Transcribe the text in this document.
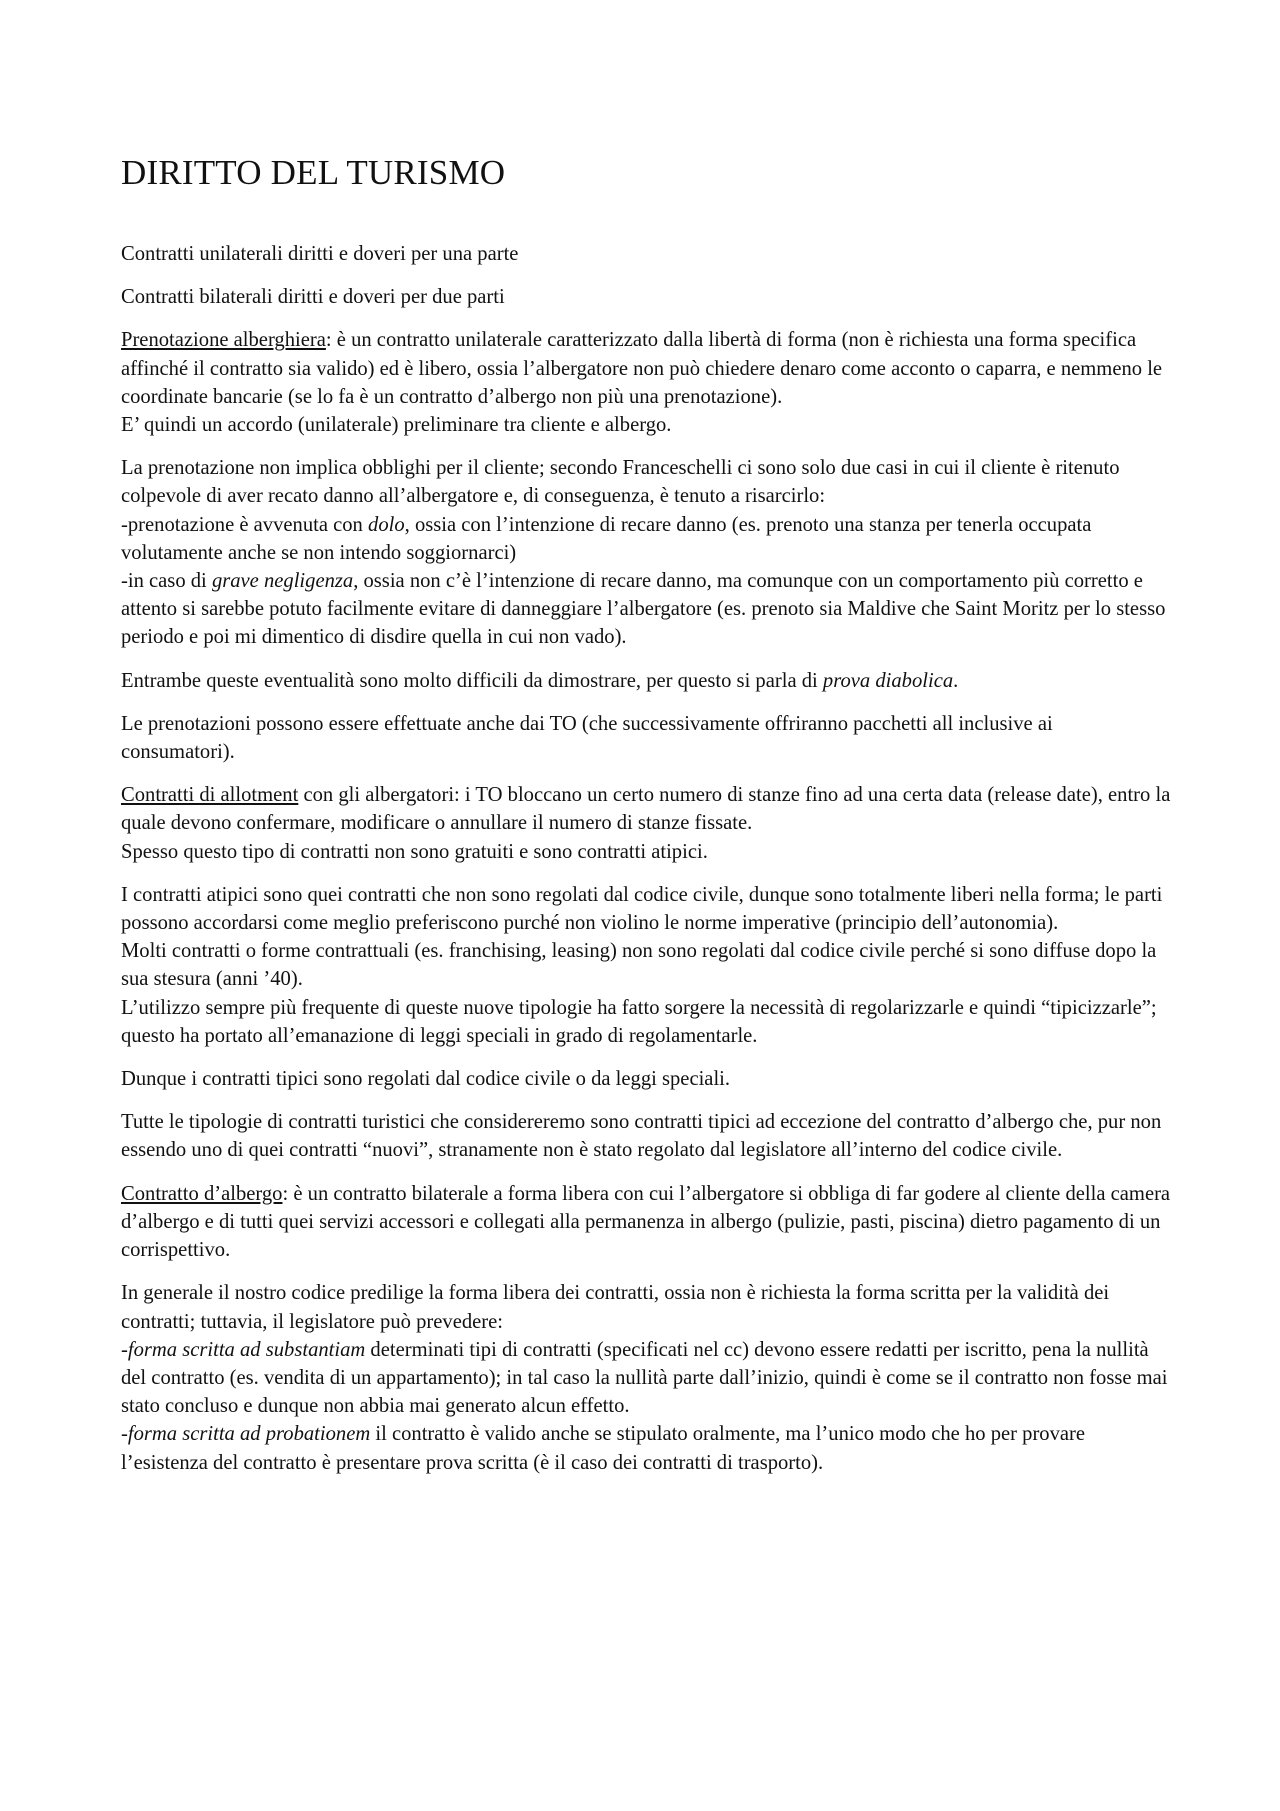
DIRITTO DEL TURISMO

Contratti unilaterali diritti e doveri per una parte

Contratti bilaterali diritti e doveri per due parti

Prenotazione alberghiera: è un contratto unilaterale caratterizzato dalla libertà di forma (non è richiesta una forma specifica affinché il contratto sia valido) ed è libero, ossia l’albergatore non può chiedere denaro come acconto o caparra, e nemmeno le coordinate bancarie (se lo fa è un contratto d’albergo non più una prenotazione).
E’ quindi un accordo (unilaterale) preliminare tra cliente e albergo.

La prenotazione non implica obblighi per il cliente; secondo Franceschelli ci sono solo due casi in cui il cliente è ritenuto colpevole di aver recato danno all’albergatore e, di conseguenza, è tenuto a risarcirlo:
-prenotazione è avvenuta con dolo, ossia con l’intenzione di recare danno (es. prenoto una stanza per tenerla occupata volutamente anche se non intendo soggiornarci)
-in caso di grave negligenza, ossia non c’è l’intenzione di recare danno, ma comunque con un comportamento più corretto e attento si sarebbe potuto facilmente evitare di danneggiare l’albergatore (es. prenoto sia Maldive che Saint Moritz per lo stesso periodo e poi mi dimentico di disdire quella in cui non vado).

Entrambe queste eventualità sono molto difficili da dimostrare, per questo si parla di prova diabolica.

Le prenotazioni possono essere effettuate anche dai TO (che successivamente offriranno pacchetti all inclusive ai consumatori).

Contratti di allotment con gli albergatori: i TO bloccano un certo numero di stanze fino ad una certa data (release date), entro la quale devono confermare, modificare o annullare il numero di stanze fissate.
Spesso questo tipo di contratti non sono gratuiti e sono contratti atipici.

I contratti atipici sono quei contratti che non sono regolati dal codice civile, dunque sono totalmente liberi nella forma; le parti possono accordarsi come meglio preferiscono purché non violino le norme imperative (principio dell’autonomia).
Molti contratti o forme contrattuali (es. franchising, leasing) non sono regolati dal codice civile perché si sono diffuse dopo la sua stesura (anni ’40).
L’utilizzo sempre più frequente di queste nuove tipologie ha fatto sorgere la necessità di regolarizzarle e quindi “tipicizzarle”; questo ha portato all’emanazione di leggi speciali in grado di regolamentarle.

Dunque i contratti tipici sono regolati dal codice civile o da leggi speciali.

Tutte le tipologie di contratti turistici che considereremo sono contratti tipici ad eccezione del contratto d’albergo che, pur non essendo uno di quei contratti “nuovi”, stranamente non è stato regolato dal legislatore all’interno del codice civile.

Contratto d’albergo: è un contratto bilaterale a forma libera con cui l’albergatore si obbliga di far godere al cliente della camera d’albergo e di tutti quei servizi accessori e collegati alla permanenza in albergo (pulizie, pasti, piscina) dietro pagamento di un corrispettivo.

In generale il nostro codice predilige la forma libera dei contratti, ossia non è richiesta la forma scritta per la validità dei contratti; tuttavia, il legislatore può prevedere:
-forma scritta ad substantiam determinati tipi di contratti (specificati nel cc) devono essere redatti per iscritto, pena la nullità del contratto (es. vendita di un appartamento); in tal caso la nullità parte dall’inizio, quindi è come se il contratto non fosse mai stato concluso e dunque non abbia mai generato alcun effetto.
-forma scritta ad probationem il contratto è valido anche se stipulato oralmente, ma l’unico modo che ho per provare l’esistenza del contratto è presentare prova scritta (è il caso dei contratti di trasporto).
